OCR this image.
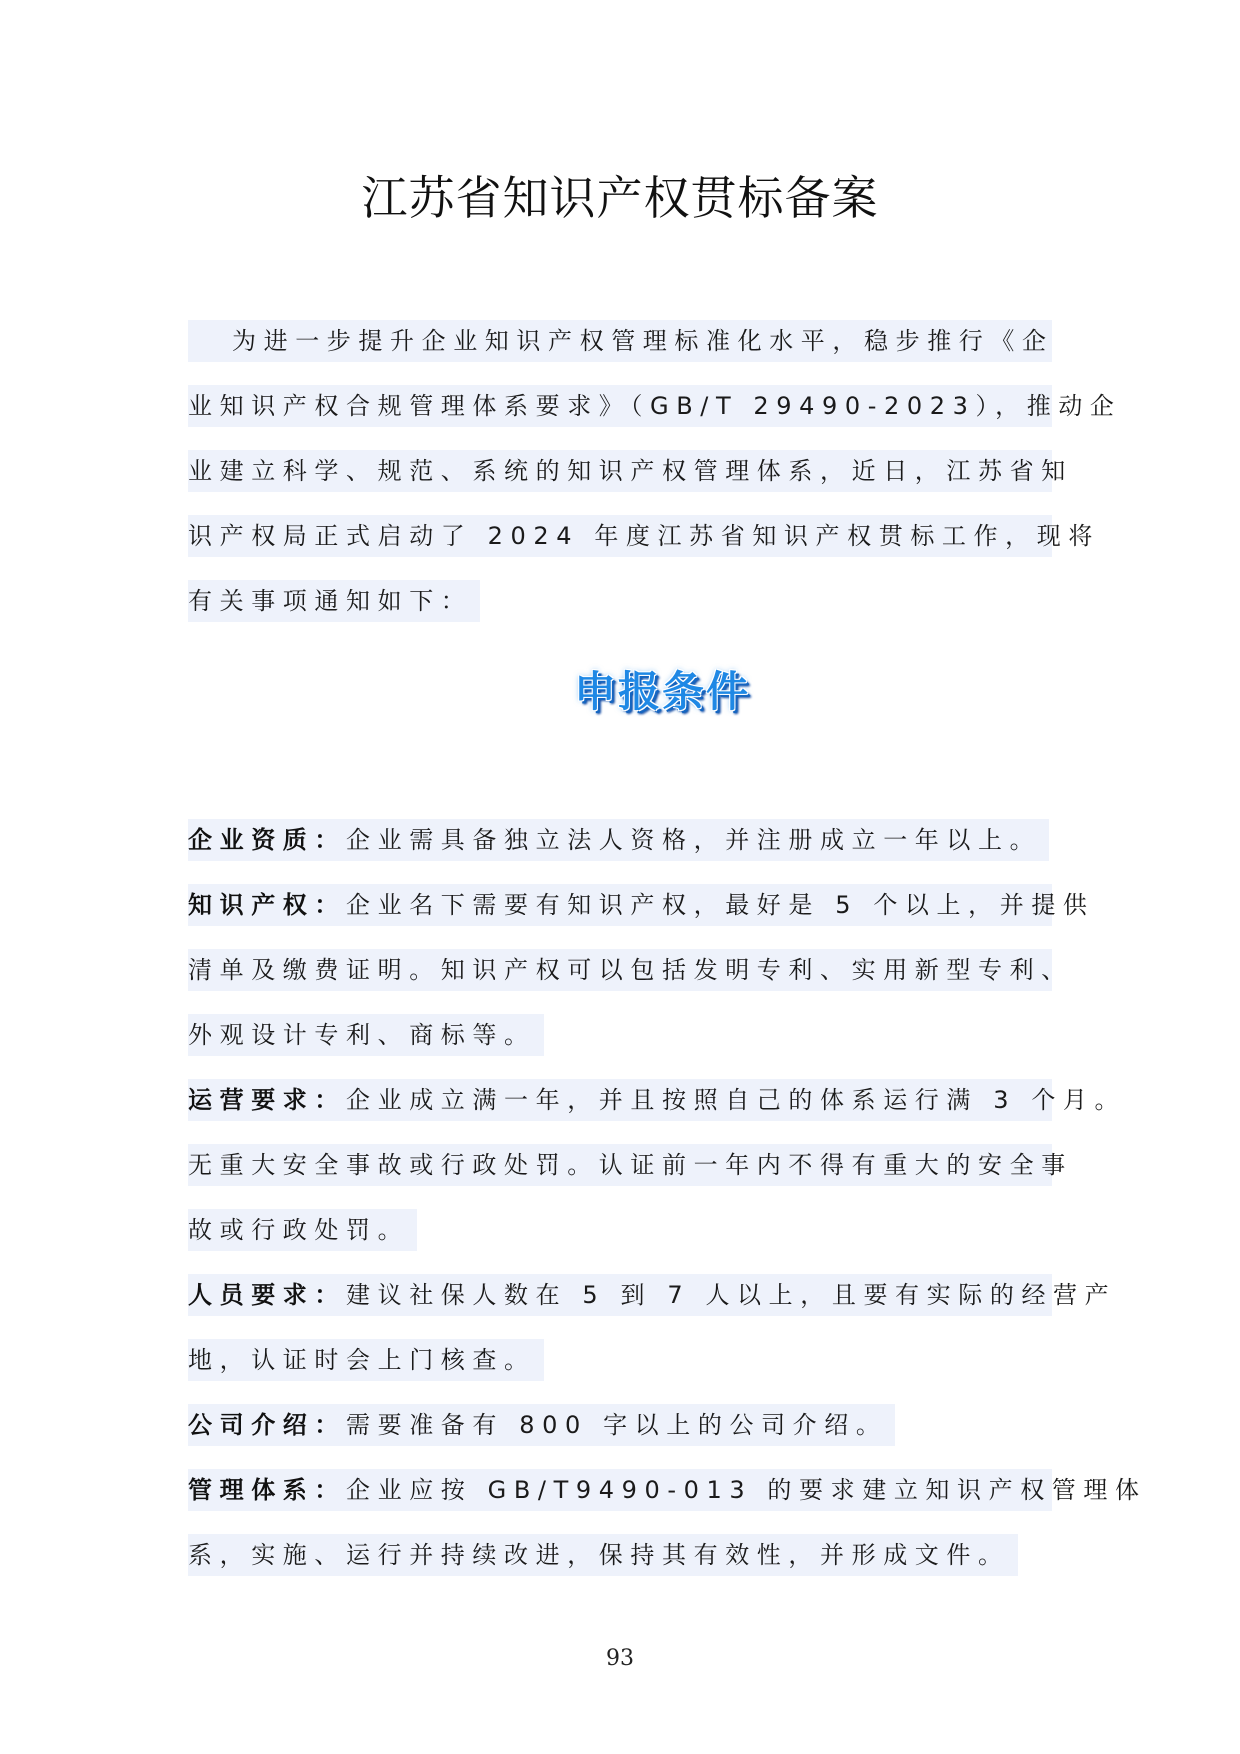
江苏省知识产权贯标备案
为进一步提升企业知识产权管理标准化水平，稳步推行《企
业知识产权合规管理体系要求》（GB/T 29490-2023），推动企
业建立科学、规范、系统的知识产权管理体系，近日，江苏省知
识产权局正式启动了 2024 年度江苏省知识产权贯标工作，现将
有关事项通知如下：
申报条件
企业资质：企业需具备独立法人资格，并注册成立一年以上。
知识产权：企业名下需要有知识产权，最好是 5 个以上，并提供
清单及缴费证明。知识产权可以包括发明专利、实用新型专利、
外观设计专利、商标等。
运营要求：企业成立满一年，并且按照自己的体系运行满 3 个月。
无重大安全事故或行政处罚。认证前一年内不得有重大的安全事
故或行政处罚。
人员要求：建议社保人数在 5 到 7 人以上，且要有实际的经营产
地，认证时会上门核查。
公司介绍：需要准备有 800 字以上的公司介绍。
管理体系：企业应按 GB/T9490-013 的要求建立知识产权管理体
系，实施、运行并持续改进，保持其有效性，并形成文件。
93
